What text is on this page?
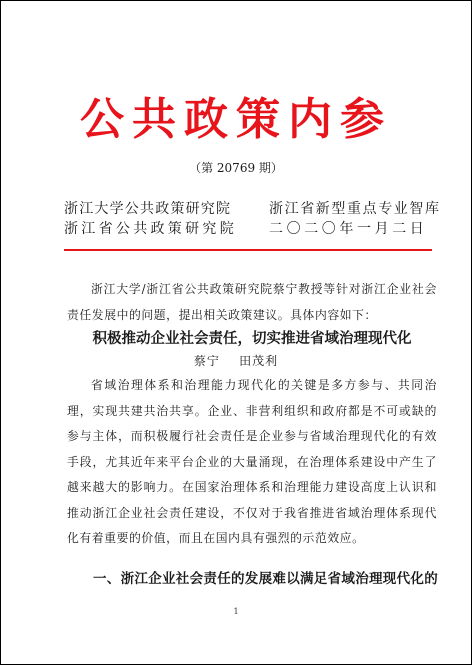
公共政策内参
（第 20769 期）
浙江大学公共政策研究院
浙江省公共政策研究院
浙江省新型重点专业智库
二〇二〇年一月二日
浙江大学/浙江省公共政策研究院蔡宁教授等针对浙江企业社会责任发展中的问题，提出相关政策建议。具体内容如下：
积极推动企业社会责任，切实推进省域治理现代化
蔡宁    田茂利
省域治理体系和治理能力现代化的关键是多方参与、共同治理，实现共建共治共享。企业、非营利组织和政府都是不可或缺的参与主体，而积极履行社会责任是企业参与省域治理现代化的有效手段，尤其近年来平台企业的大量涌现，在治理体系建设中产生了越来越大的影响力。在国家治理体系和治理能力建设高度上认识和推动浙江企业社会责任建设，不仅对于我省推进省域治理体系现代化有着重要的价值，而且在国内具有强烈的示范效应。
一、浙江企业社会责任的发展难以满足省域治理现代化的
1
